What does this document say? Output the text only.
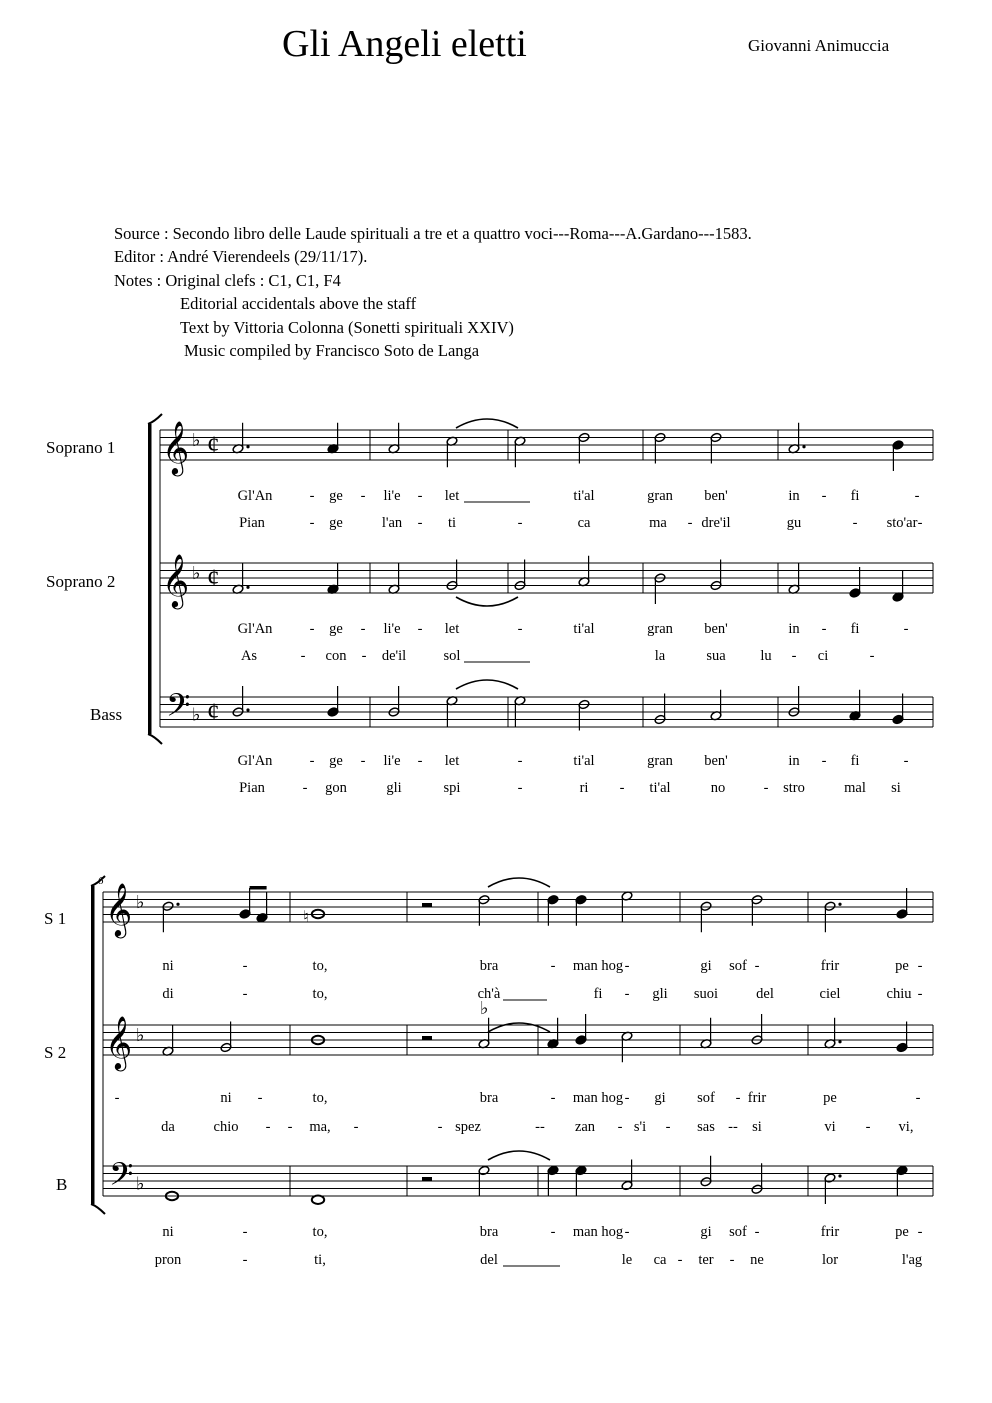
Gli Angeli eletti	Giovanni Animuccia
Source : Secondo libro delle Laude spirituali a tre et a quattro voci---Roma---A.Gardano---1583.
Editor : André Vierendeels (29/11/17).
Notes : Original clefs : C1, C1, F4
Editorial accidentals above the staff
Text by Vittoria Colonna (Sonetti spirituali XXIV)
Music compiled by Francisco Soto de Langa
Soprano 1
Soprano 2
Bass
6
S 1
S 2
B
𝄞 ♭ ¢
𝄞 ♭ ¢
𝄢 ♭ ¢
Gl'An	- ge - li'e - let	ti'al	gran ben'	in - fi	-
Pian	- ge	l'an - ti	-	ca	ma - dre'il	gu	- sto'ar -
Gl'An	- ge - li'e - let	-	ti'al	gran ben'	in - fi	-
As	- con - de'il	sol	la	sua lu - ci	-
Gl'An	- ge - li'e - let	-	ti'al	gran ben'	in - fi	-
Pian	- gon	gli	spi	-	ri - ti'al	no	- stro	mal si
𝄞 ♭
𝄞 ♭
𝄢 ♭
♮
♭
ni	-	to,	bra	- man hog -	gi sof -	frir	pe -
di	-	to,	ch'à	fi - gli suoi	del	ciel	chiu -
-	ni -	to,	bra	- man hog - gi sof - frir	pe	-
da	chio - - ma, -	- spez	-- zan - s'i - sas -- si	vi - vi,
ni	-	to,	bra	- man hog -	gi sof -	frir	pe -
pron	-	ti,	del	le ca - ter - ne	lor	l'ag
